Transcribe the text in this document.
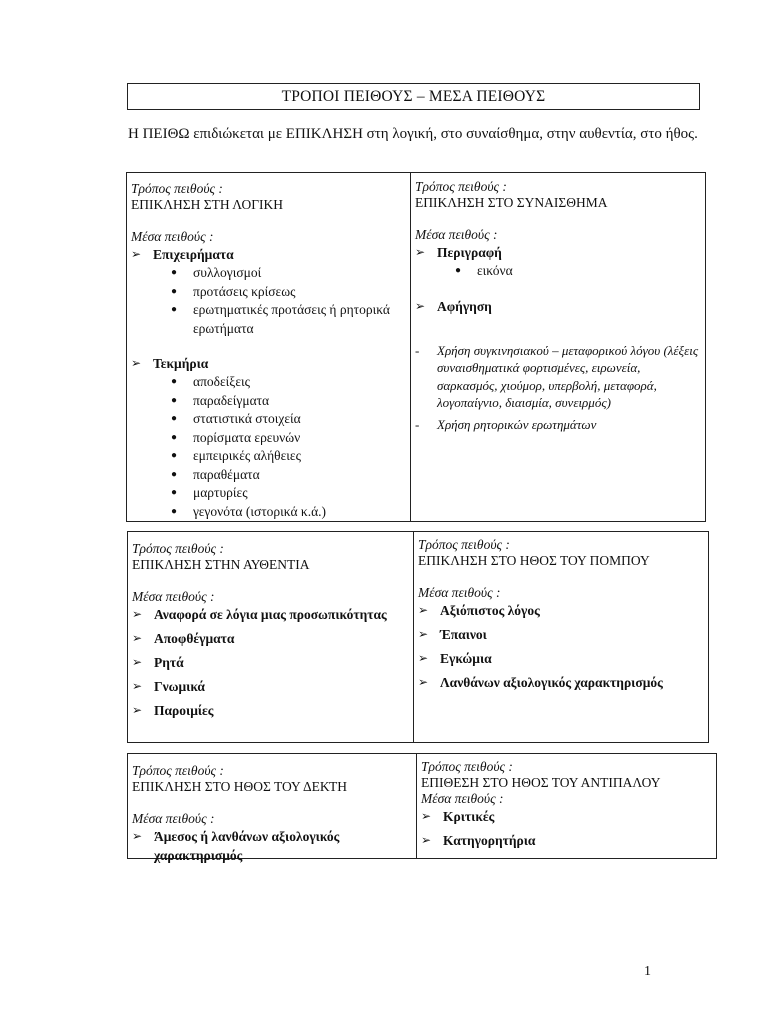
ΤΡΟΠΟΙ ΠΕΙΘΟΥΣ – ΜΕΣΑ ΠΕΙΘΟΥΣ
Η ΠΕΙΘΩ επιδιώκεται με ΕΠΙΚΛΗΣΗ στη λογική, στο συναίσθημα, στην αυθεντία, στο ήθος.
Τρόπος πειθούς :
ΕΠΙΚΛΗΣΗ ΣΤΗ ΛΟΓΙΚΗ
Μέσα πειθούς :
➢ Επιχειρήματα
●	συλλογισμοί
●	προτάσεις κρίσεως
●	ερωτηματικές προτάσεις ή ρητορικά ερωτήματα
➢ Τεκμήρια
●	αποδείξεις
●	παραδείγματα
●	στατιστικά στοιχεία
●	πορίσματα ερευνών
●	εμπειρικές αλήθειες
●	παραθέματα
●	μαρτυρίες
●	γεγονότα (ιστορικά κ.ά.)
Τρόπος πειθούς :
ΕΠΙΚΛΗΣΗ ΣΤΟ ΣΥΝΑΙΣΘΗΜΑ
Μέσα πειθούς :
➢ Περιγραφή
●	εικόνα
➢ Αφήγηση
-	Χρήση συγκινησιακού – μεταφορικού λόγου (λέξεις συναισθηματικά φορτισμένες, ειρωνεία, σαρκασμός, χιούμορ, υπερβολή, μεταφορά, λογοπαίγνιο, διαισμία, συνειρμός)
-	Χρήση ρητορικών ερωτημάτων
Τρόπος πειθούς :
ΕΠΙΚΛΗΣΗ ΣΤΗΝ ΑΥΘΕΝΤΙΑ
Μέσα πειθούς :
➢ Αναφορά σε λόγια μιας προσωπικότητας
➢ Αποφθέγματα
➢ Ρητά
➢ Γνωμικά
➢ Παροιμίες
Τρόπος πειθούς :
ΕΠΙΚΛΗΣΗ ΣΤΟ ΗΘΟΣ ΤΟΥ ΠΟΜΠΟΥ
Μέσα πειθούς :
➢ Αξιόπιστος λόγος
➢ Έπαινοι
➢ Εγκώμια
➢ Λανθάνων αξιολογικός χαρακτηρισμός
Τρόπος πειθούς :
ΕΠΙΚΛΗΣΗ ΣΤΟ ΗΘΟΣ ΤΟΥ ΔΕΚΤΗ
Μέσα πειθούς :
➢ Άμεσος ή λανθάνων αξιολογικός χαρακτηρισμός
Τρόπος πειθούς :
ΕΠΙΘΕΣΗ ΣΤΟ ΗΘΟΣ ΤΟΥ ΑΝΤΙΠΑΛΟΥ
Μέσα πειθούς :
➢ Κριτικές
➢ Κατηγορητήρια
1
